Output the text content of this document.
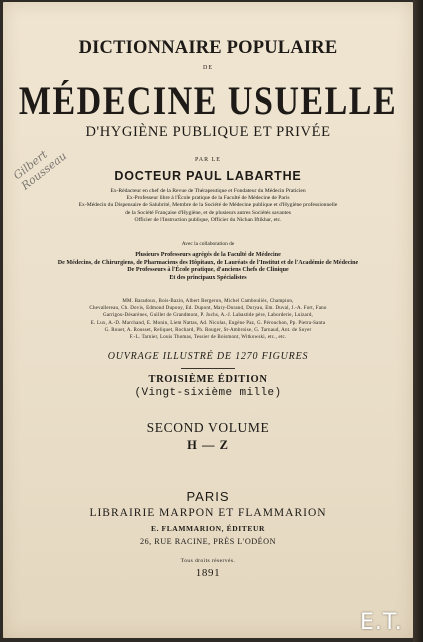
DICTIONNAIRE POPULAIRE
DE
MÉDECINE USUELLE
D'HYGIÈNE PUBLIQUE ET PRIVÉE
PAR LE
DOCTEUR PAUL LABARTHE
Ex-Rédacteur en chef de la Revue de Thérapeutique et Fondateur du Médecin Praticien
Ex-Professeur libre à l'École pratique de la Faculté de Médecine de Paris
Ex-Médecin du Dispensaire de Salubrité, Membre de la Société de Médecine publique et d'Hygiène professionnelle
de la Société Française d'Hygiène, et de plusieurs autres Sociétés savantes
Officier de l'Instruction publique, Officier du Nichan Iftikhar, etc.
Avec la collaboration de
Plusieurs Professeurs agrégés de la Faculté de Médecine
De Médecins, de Chirurgiens, de Pharmaciens des Hôpitaux, de Lauréats de l'Institut et de l'Académie de Médecine
De Professeurs à l'École pratique, d'anciens Chefs de Clinique
Et des principaux Spécialistes
MM. Baradoux, Bois-Bazin, Albert Bergeron, Michel Cambouliès, Champion,
Chevallereau, Ch. Dovis, Edmond Dupouy, Ed. Dupont, Mary-Durand, Duryau, Em. Duval, J.-A. Fort, Fano
Garrigou-Désarènes, Guillet de Grandmont, P. Juchs, A.-J. Labastide père, Laborderie, Luizard,
E. Lux, A.-D. Marchand, E. Monin, Liem Nattas, Ad. Nicolas, Eugène Paz, G. Pérouchon, Pp. Pietra-Santa
G. Rouet, A. Rousset, Reliquet, Rochard, Ph. Rouger, St-Ambroise, G. Tarnaud, Ant. de Soyer
F.-L. Tarnier, Louis Thomas, Tessier de Boismont, Witkowski, etc., etc.
OUVRAGE ILLUSTRÉ DE 1270 FIGURES
TROISIÈME ÉDITION
(Vingt-sixième mille)
SECOND VOLUME
H — Z
PARIS
LIBRAIRIE MARPON ET FLAMMARION
E. FLAMMARION, ÉDITEUR
26, RUE RACINE, PRÈS L'ODÉON
Tous droits réservés.
1891
Gilbert Rousseau
E.T.
